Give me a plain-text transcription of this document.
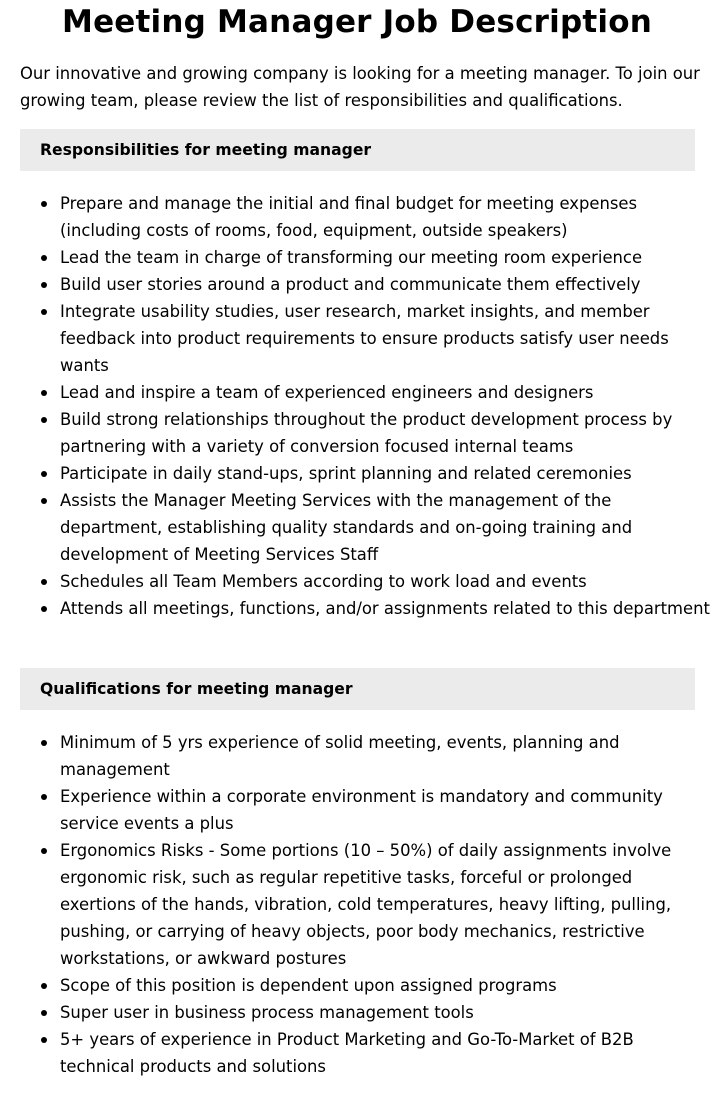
Meeting Manager Job Description

Our innovative and growing company is looking for a meeting manager. To join our growing team, please review the list of responsibilities and qualifications.

Responsibilities for meeting manager
Prepare and manage the initial and final budget for meeting expenses (including costs of rooms, food, equipment, outside speakers)
Lead the team in charge of transforming our meeting room experience
Build user stories around a product and communicate them effectively
Integrate usability studies, user research, market insights, and member feedback into product requirements to ensure products satisfy user needs wants
Lead and inspire a team of experienced engineers and designers
Build strong relationships throughout the product development process by partnering with a variety of conversion focused internal teams
Participate in daily stand-ups, sprint planning and related ceremonies
Assists the Manager Meeting Services with the management of the department, establishing quality standards and on-going training and development of Meeting Services Staff
Schedules all Team Members according to work load and events
Attends all meetings, functions, and/or assignments related to this department
Qualifications for meeting manager
Minimum of 5 yrs experience of solid meeting, events, planning and management
Experience within a corporate environment is mandatory and community service events a plus
Ergonomics Risks - Some portions (10 – 50%) of daily assignments involve ergonomic risk, such as regular repetitive tasks, forceful or prolonged exertions of the hands, vibration, cold temperatures, heavy lifting, pulling, pushing, or carrying of heavy objects, poor body mechanics, restrictive workstations, or awkward postures
Scope of this position is dependent upon assigned programs
Super user in business process management tools
5+ years of experience in Product Marketing and Go-To-Market of B2B technical products and solutions
